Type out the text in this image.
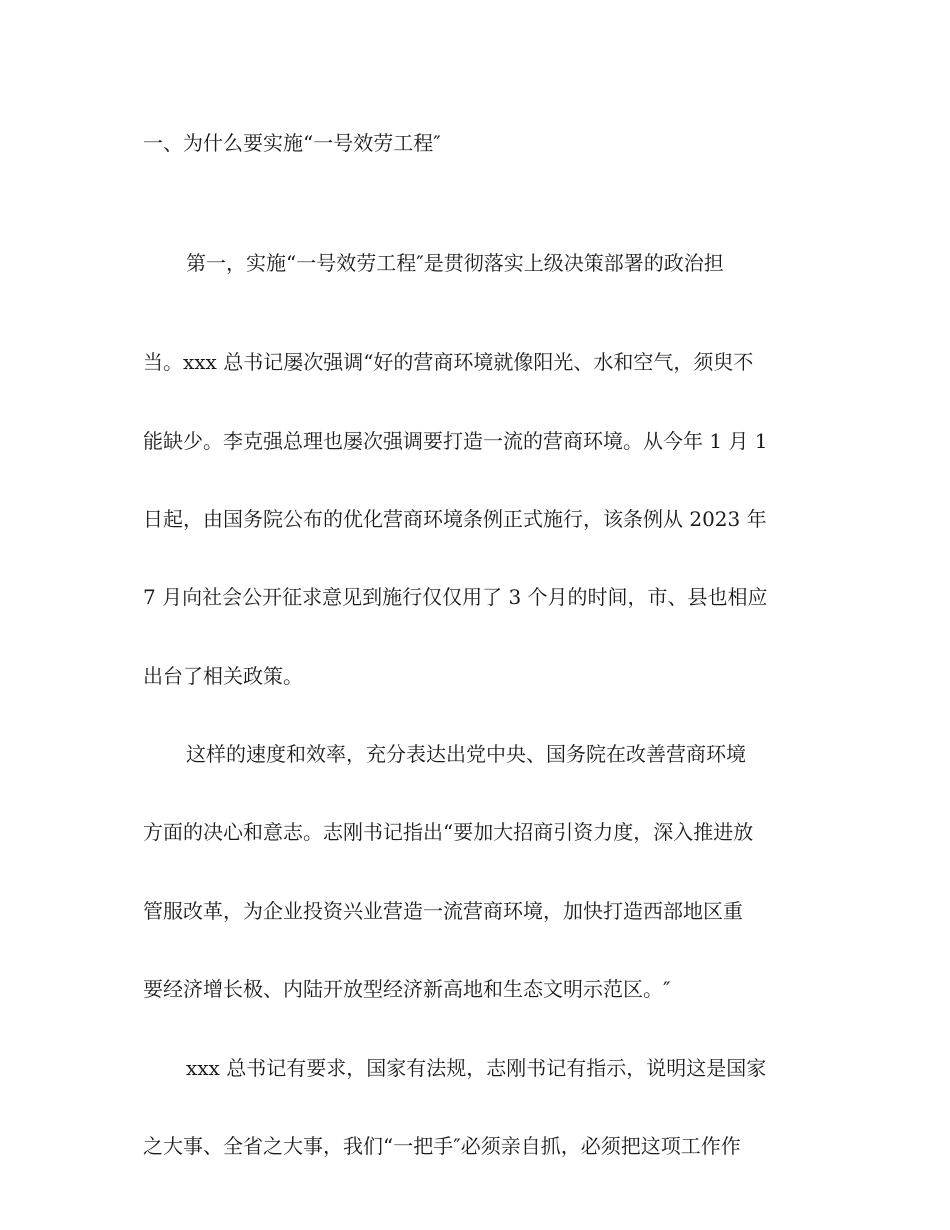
一、为什么要实施“一号效劳工程″
第一，实施“一号效劳工程″是贯彻落实上级决策部署的政治担
当。xxx 总书记屡次强调“好的营商环境就像阳光、水和空气，须臾不
能缺少。李克强总理也屡次强调要打造一流的营商环境。从今年 1 月 1
日起，由国务院公布的优化营商环境条例正式施行，该条例从 2023 年
7 月向社会公开征求意见到施行仅仅用了 3 个月的时间，市、县也相应
出台了相关政策。
这样的速度和效率，充分表达出党中央、国务院在改善营商环境
方面的决心和意志。志刚书记指出“要加大招商引资力度，深入推进放
管服改革，为企业投资兴业营造一流营商环境，加快打造西部地区重
要经济增长极、内陆开放型经济新高地和生态文明示范区。″
xxx 总书记有要求，国家有法规，志刚书记有指示，说明这是国家
之大事、全省之大事，我们“一把手″必须亲自抓，必须把这项工作作
